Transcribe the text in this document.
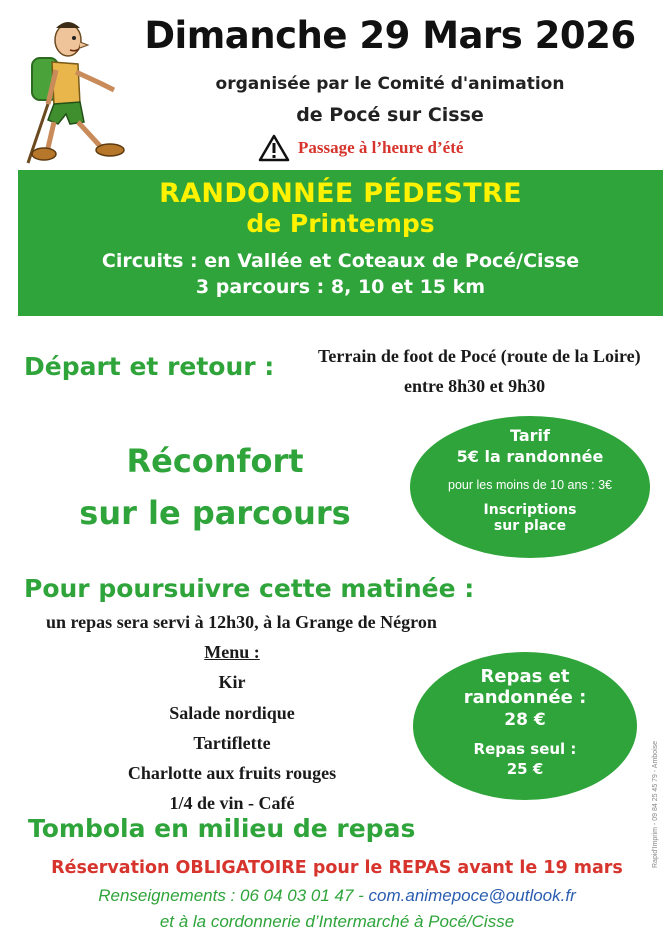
Dimanche 29 Mars 2026
organisée par le Comité d'animation
de Pocé sur Cisse
Passage à l’heure d’été
RANDONNÉE PÉDESTRE
de Printemps
Circuits : en Vallée et Coteaux de Pocé/Cisse
3 parcours : 8, 10 et 15 km
Départ et retour : Terrain de foot de Pocé (route de la Loire)
entre 8h30 et 9h30
Réconfort
sur le parcours
Tarif
5€ la randonnée
pour les moins de 10 ans : 3€
Inscriptions
sur place
Pour poursuivre cette matinée :
un repas sera servi à 12h30, à la Grange de Négron
Menu :
Kir
Salade nordique
Tartiflette
Charlotte aux fruits rouges
1/4 de vin - Café
Repas et
randonnée :
28 €
Repas seul :
25 €	Rapid'Imprim - 09 84 25 45 79 - Amboise
Tombola en milieu de repas
Réservation OBLIGATOIRE pour le REPAS avant le 19 mars
Renseignements : 06 04 03 01 47 - com.animepoce@outlook.fr
et à la cordonnerie d’Intermarché à Pocé/Cisse
